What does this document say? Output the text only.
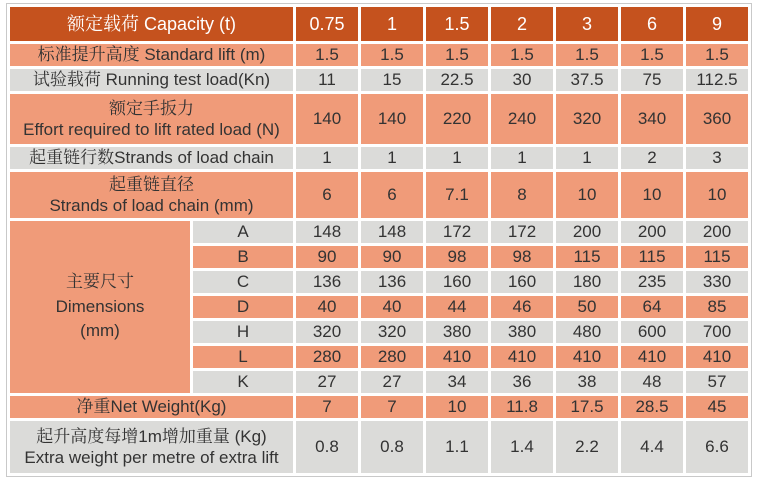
额定载荷 Capacity (t)		0.75	1	1.5	2	3	6	9
标准提升高度 Standard lift (m)		1.5	1.5	1.5	1.5	1.5	1.5	1.5
试验载荷 Running test load(Kn)		11	15	22.5	30	37.5	75	112.5

额定手扳力
Effort required to lift rated load (N)		140	140	220	240	320	340	360
起重链行数Strands of load chain		1	1	1	1	1	2	3

起重链直径
Strands of load chain (mm)		6	6	7.1	8	10	10	10

主要尺寸
Dimensions
(mm)	A	148	148	172	172	200	200	200
	B	90	90	98	98	115	115	115
	C	136	136	160	160	180	235	330
	D	40	40	44	46	50	64	85
	H	320	320	380	380	480	600	700
	L	280	280	410	410	410	410	410
	K	27	27	34	36	38	48	57
净重Net Weight(Kg)		7	7	10	11.8	17.5	28.5	45

起升高度每增1m增加重量 (Kg)
Extra weight per metre of extra lift		0.8	0.8	1.1	1.4	2.2	4.4	6.6
